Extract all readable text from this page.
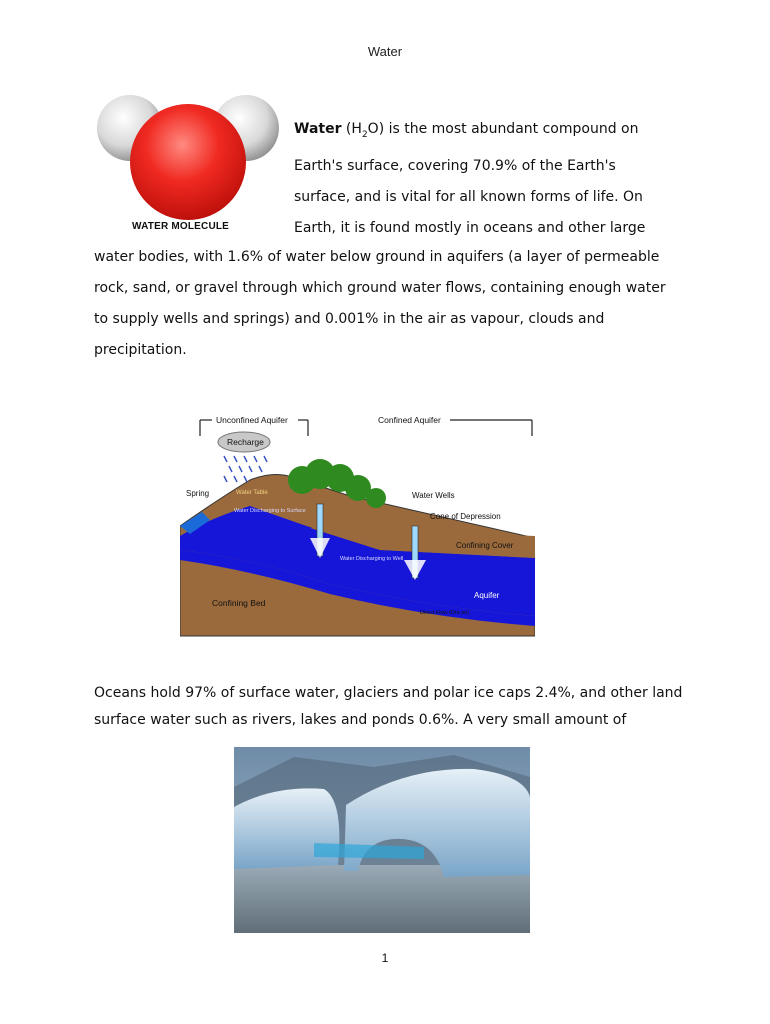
Water
WATER MOLECULE
Water $(H_2O)$ is the most abundant compound on
Earth's surface, covering 70.9% of the Earth's
surface, and is vital for all known forms of life. On
Earth, it is found mostly in oceans and other large
water bodies, with 1.6% of water below ground in aquifers (a layer of permeable rock, sand, or gravel through which ground water flows, containing enough water to supply wells and springs) and 0.001% in the air as vapour, clouds and precipitation.
Unconfined Aquifer	Confined Aquifer
Recharge
Spring	Water Table
Water Discharging to Surface
Water Wells
Cone of Depression
Confining Cover
Water Discharging to Well
Aquifer
Confining Bed
Direct Flow (Dra on)
Oceans hold 97% of surface water, glaciers and polar ice caps 2.4%, and other land surface water such as rivers, lakes and ponds 0.6%. A very small amount of
1
